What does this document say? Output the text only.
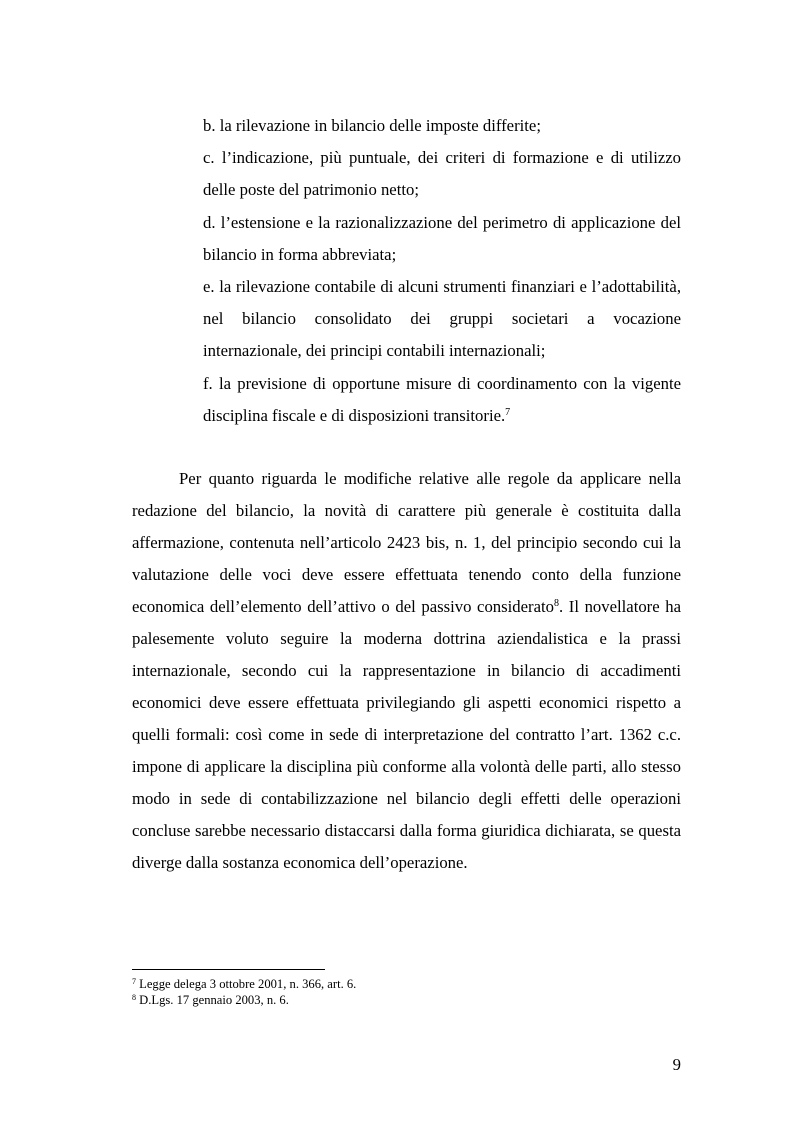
b. la rilevazione in bilancio delle imposte differite;
c. l’indicazione, più puntuale, dei criteri di formazione e di utilizzo delle poste del patrimonio netto;
d. l’estensione e la razionalizzazione del perimetro di applicazione del bilancio in forma abbreviata;
e. la rilevazione contabile di alcuni strumenti finanziari e l’adottabilità, nel bilancio consolidato dei gruppi societari a vocazione internazionale, dei principi contabili internazionali;
f. la previsione di opportune misure di coordinamento con la vigente disciplina fiscale e di disposizioni transitorie.$^7$

Per quanto riguarda le modifiche relative alle regole da applicare nella redazione del bilancio, la novità di carattere più generale è costituita dalla affermazione, contenuta nell’articolo 2423 bis, n. 1, del principio secondo cui la valutazione delle voci deve essere effettuata tenendo conto della funzione economica dell’elemento dell’attivo o del passivo considerato$^8$. Il novellatore ha palesemente voluto seguire la moderna dottrina aziendalistica e la prassi internazionale, secondo cui la rappresentazione in bilancio di accadimenti economici deve essere effettuata privilegiando gli aspetti economici rispetto a quelli formali: così come in sede di interpretazione del contratto l’art. 1362 c.c. impone di applicare la disciplina più conforme alla volontà delle parti, allo stesso modo in sede di contabilizzazione nel bilancio degli effetti delle operazioni concluse sarebbe necessario distaccarsi dalla forma giuridica dichiarata, se questa diverge dalla sostanza economica dell’operazione.

$^7$ Legge delega 3 ottobre 2001, n. 366, art. 6.
$^8$ D.Lgs. 17 gennaio 2003, n. 6.
9
